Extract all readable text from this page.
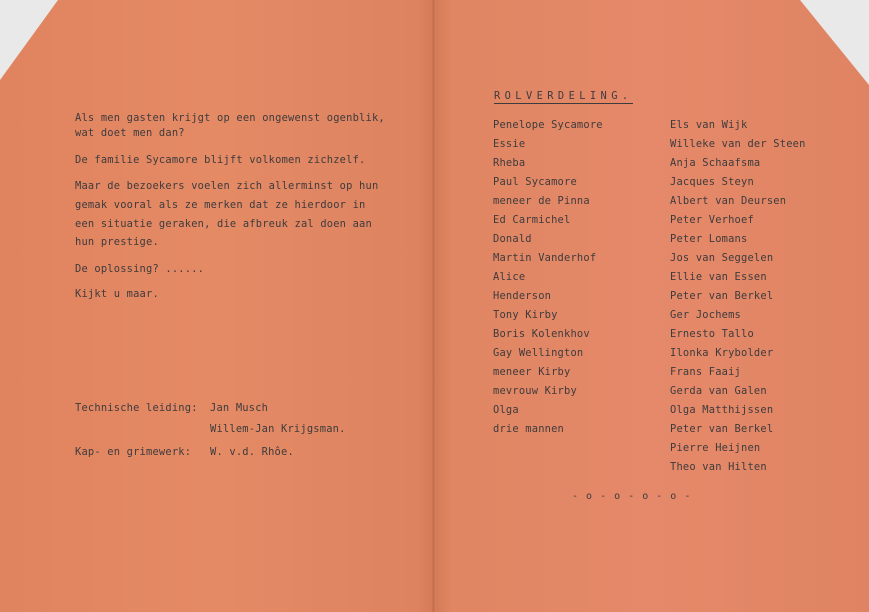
Als men gasten krijgt op een ongewenst ogenblik,
wat doet men dan?
De familie Sycamore blijft volkomen zichzelf.
Maar de bezoekers voelen zich allerminst op hun
gemak vooral als ze merken dat ze hierdoor in
een situatie geraken, die afbreuk zal doen aan
hun prestige.
De oplossing? ......
Kijkt u maar.
Technische leiding: Jan Musch
Willem-Jan Krijgsman.
Kap- en grimewerk: W. v.d. Rhôe.
ROLVERDELING.
Penelope Sycamore
Essie
Rheba
Paul Sycamore
meneer de Pinna
Ed Carmichel
Donald
Martin Vanderhof
Alice
Henderson
Tony Kirby
Boris Kolenkhov
Gay Wellington
meneer Kirby
mevrouw Kirby
Olga
drie mannen
Els van Wijk
Willeke van der Steen
Anja Schaafsma
Jacques Steyn
Albert van Deursen
Peter Verhoef
Peter Lomans
Jos van Seggelen
Ellie van Essen
Peter van Berkel
Ger Jochems
Ernesto Tallo
Ilonka Krybolder
Frans Faaij
Gerda van Galen
Olga Matthijssen
Peter van Berkel
Pierre Heijnen
Theo van Hilten
- o - o - o - o -
